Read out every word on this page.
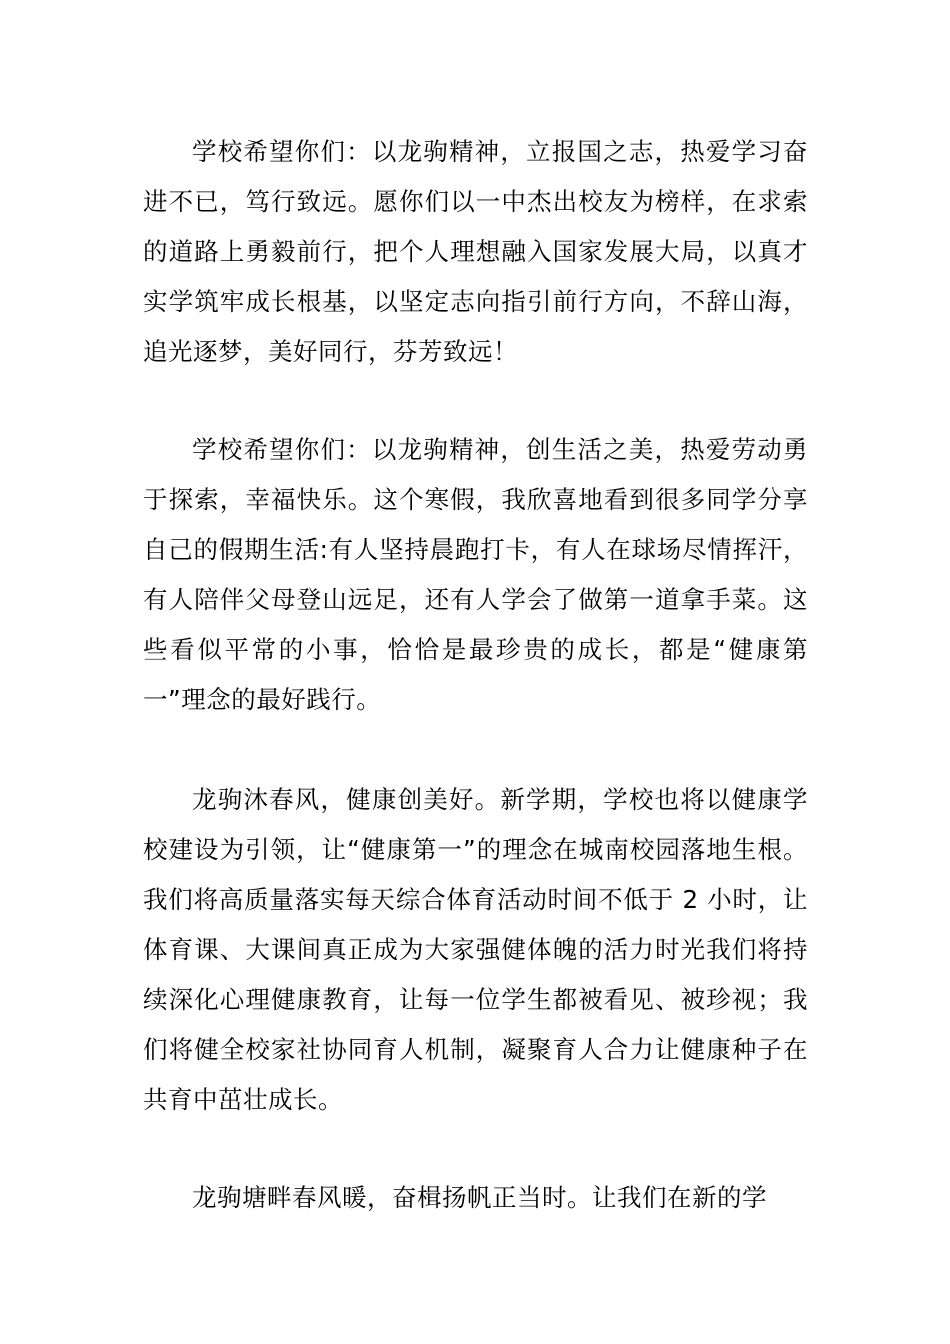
学校希望你们：以龙驹精神，立报国之志，热爱学习奋进不已，笃行致远。愿你们以一中杰出校友为榜样，在求索的道路上勇毅前行，把个人理想融入国家发展大局，以真才实学筑牢成长根基，以坚定志向指引前行方向，不辞山海，追光逐梦，美好同行，芬芳致远！

学校希望你们：以龙驹精神，创生活之美，热爱劳动勇于探索，幸福快乐。这个寒假，我欣喜地看到很多同学分享自己的假期生活:有人坚持晨跑打卡，有人在球场尽情挥汗，有人陪伴父母登山远足，还有人学会了做第一道拿手菜。这些看似平常的小事，恰恰是最珍贵的成长，都是“健康第一”理念的最好践行。

龙驹沐春风，健康创美好。新学期，学校也将以健康学校建设为引领，让“健康第一”的理念在城南校园落地生根。我们将高质量落实每天综合体育活动时间不低于 2 小时，让体育课、大课间真正成为大家强健体魄的活力时光我们将持续深化心理健康教育，让每一位学生都被看见、被珍视；我们将健全校家社协同育人机制，凝聚育人合力让健康种子在共育中茁壮成长。

龙驹塘畔春风暖，奋楫扬帆正当时。让我们在新的学
